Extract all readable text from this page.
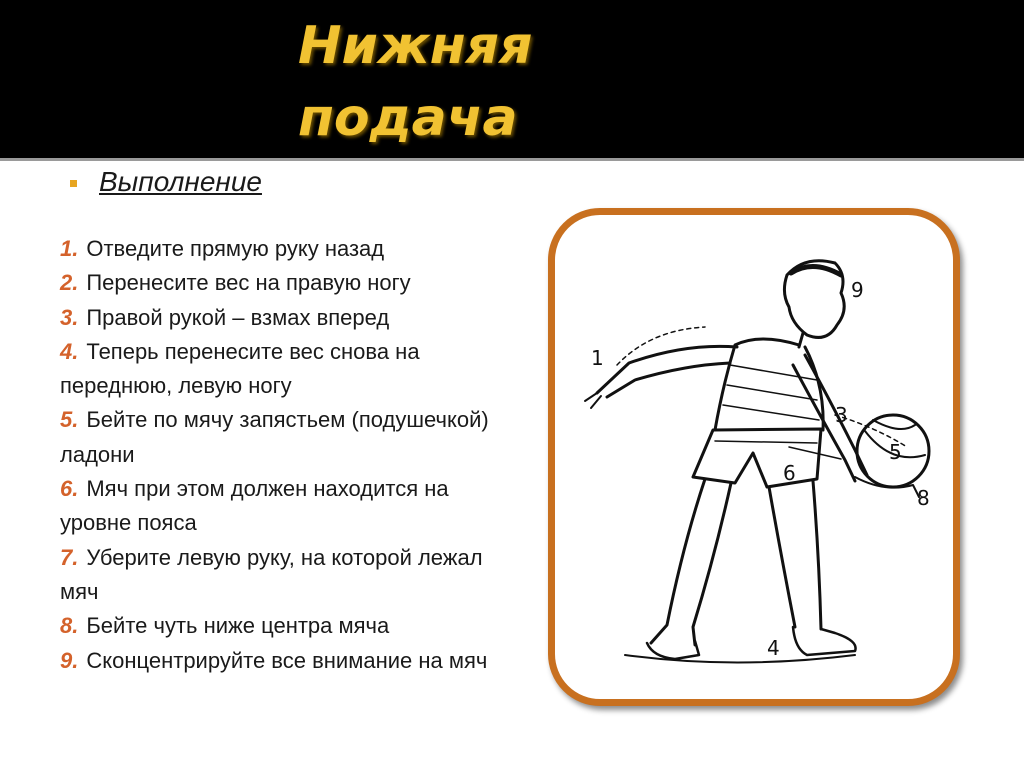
Нижняя
подача
Выполнение
1. Отведите прямую руку назад
2. Перенесите вес на правую ногу
3. Правой рукой – взмах вперед
4. Теперь перенесите вес снова на переднюю, левую ногу
5. Бейте по мячу запястьем (подушечкой) ладони
6. Мяч при этом должен находится на уровне пояса
7. Уберите левую руку, на которой лежал мяч
8. Бейте чуть ниже центра мяча
9. Сконцентрируйте все внимание на мяч
1
3
4
5
6
8
9
